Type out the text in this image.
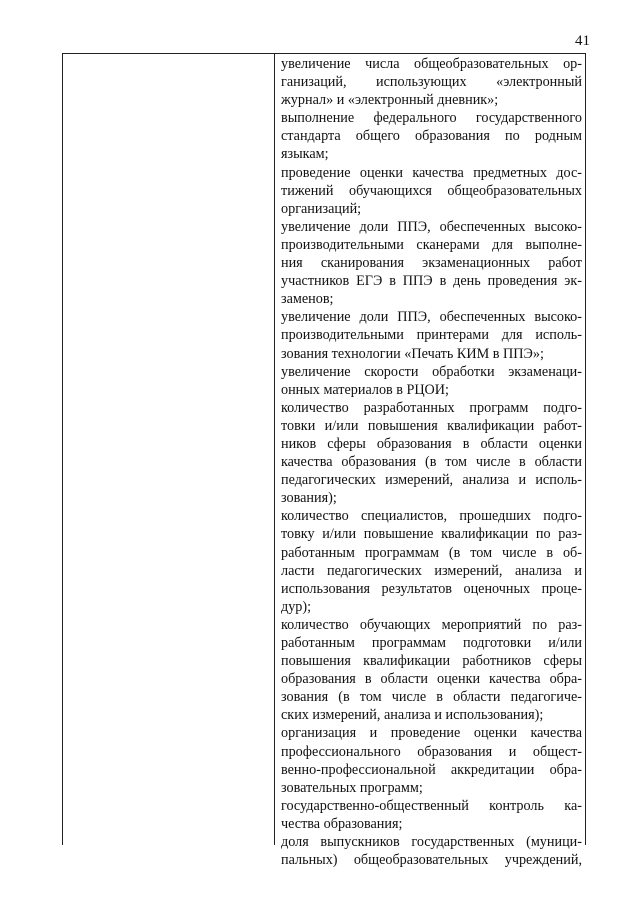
41
увеличение числа общеобразовательных ор-
ганизаций, использующих «электронный
журнал» и «электронный дневник»;
выполнение федерального государственного
стандарта общего образования по родным
языкам;
проведение оценки качества предметных дос-
тижений обучающихся общеобразовательных
организаций;
увеличение доли ППЭ, обеспеченных высоко-
производительными сканерами для выполне-
ния сканирования экзаменационных работ
участников ЕГЭ в ППЭ в день проведения эк-
заменов;
увеличение доли ППЭ, обеспеченных высоко-
производительными принтерами для исполь-
зования технологии «Печать КИМ в ППЭ»;
увеличение скорости обработки экзаменаци-
онных материалов в РЦОИ;
количество разработанных программ подго-
товки и/или повышения квалификации работ-
ников сферы образования в области оценки
качества образования (в том числе в области
педагогических измерений, анализа и исполь-
зования);
количество специалистов, прошедших подго-
товку и/или повышение квалификации по раз-
работанным программам (в том числе в об-
ласти педагогических измерений, анализа и
использования результатов оценочных проце-
дур);
количество обучающих мероприятий по раз-
работанным программам подготовки и/или
повышения квалификации работников сферы
образования в области оценки качества обра-
зования (в том числе в области педагогиче-
ских измерений, анализа и использования);
организация и проведение оценки качества
профессионального образования и общест-
венно-профессиональной аккредитации обра-
зовательных программ;
государственно-общественный контроль ка-
чества образования;
доля выпускников государственных (муници-
пальных) общеобразовательных учреждений,
